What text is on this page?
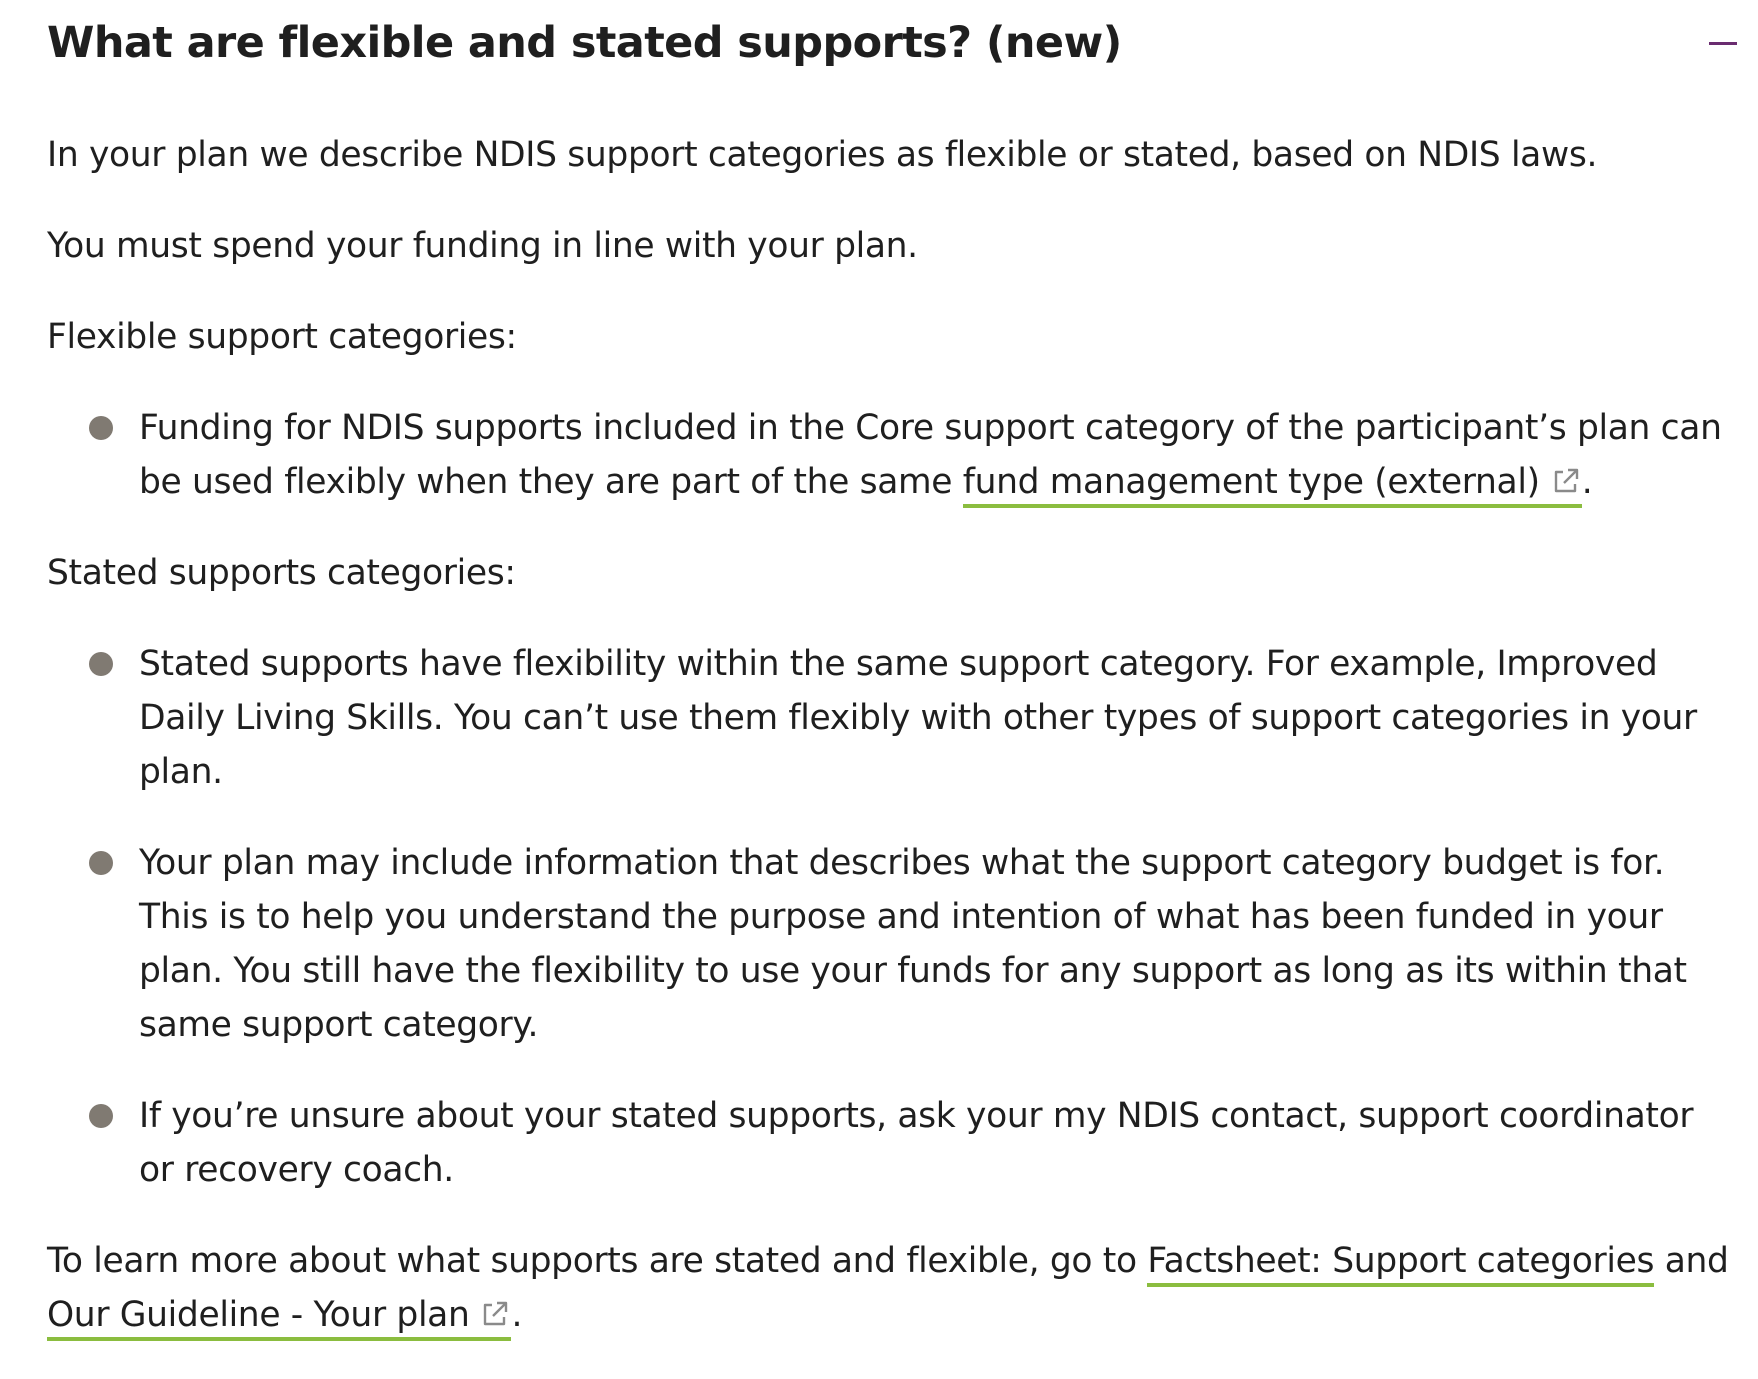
What are flexible and stated supports? (new)

In your plan we describe NDIS support categories as flexible or stated, based on NDIS laws.

You must spend your funding in line with your plan.

Flexible support categories:

Funding for NDIS supports included in the Core support category of the participant’s plan can be used flexibly when they are part of the same fund management type (external) .

Stated supports categories:

Stated supports have flexibility within the same support category. For example, Improved Daily Living Skills. You can’t use them flexibly with other types of support categories in your plan.
Your plan may include information that describes what the support category budget is for. This is to help you understand the purpose and intention of what has been funded in your plan. You still have the flexibility to use your funds for any support as long as its within that same support category.
If you’re unsure about your stated supports, ask your my NDIS contact, support coordinator or recovery coach.

To learn more about what supports are stated and flexible, go to Factsheet: Support categories and Our Guideline - Your plan .
